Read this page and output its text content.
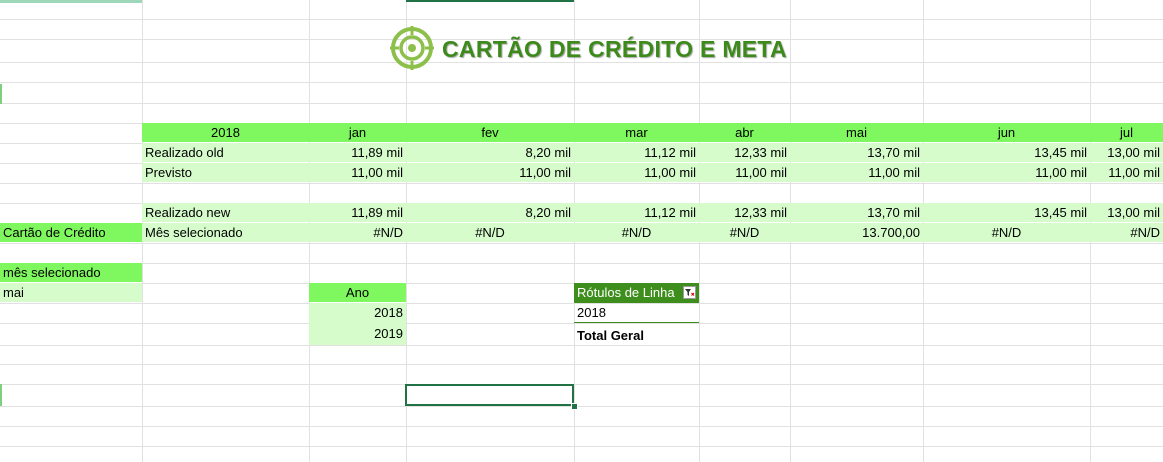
CARTÃO DE CRÉDITO E META
2018	jan	fev	mar	abr	mai	jun	jul
Realizado old	11,89 mil	8,20 mil	11,12 mil	12,33 mil	13,70 mil	13,45 mil	13,00 mil
Previsto	11,00 mil	11,00 mil	11,00 mil	11,00 mil	11,00 mil	11,00 mil	11,00 mil
Realizado new	11,89 mil	8,20 mil	11,12 mil	12,33 mil	13,70 mil	13,45 mil	13,00 mil
Cartão de Crédito	Mês selecionado	#N/D	#N/D	#N/D	#N/D	13.700,00	#N/D	#N/D
mês selecionado
mai	Ano
2018
2019
Rótulos de Linha
2018
Total Geral
